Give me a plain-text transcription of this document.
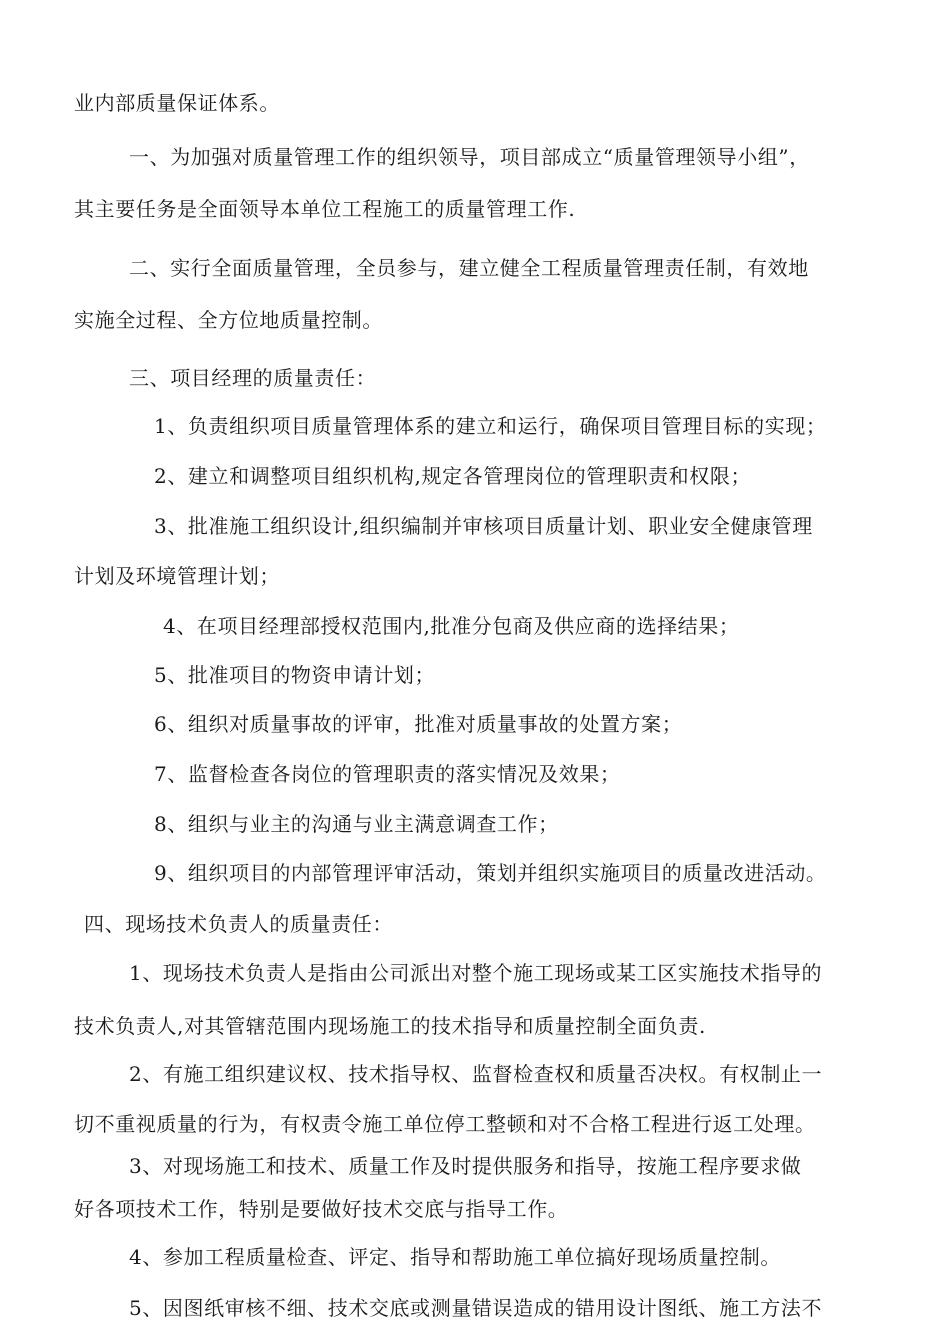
业内部质量保证体系。
一、为加强对质量管理工作的组织领导，项目部成立“质量管理领导小组”，
其主要任务是全面领导本单位工程施工的质量管理工作.
二、实行全面质量管理，全员参与，建立健全工程质量管理责任制，有效地
实施全过程、全方位地质量控制。
三、项目经理的质量责任：
1、负责组织项目质量管理体系的建立和运行，确保项目管理目标的实现；
2、建立和调整项目组织机构,规定各管理岗位的管理职责和权限；
3、批准施工组织设计,组织编制并审核项目质量计划、职业安全健康管理
计划及环境管理计划；
4、在项目经理部授权范围内,批准分包商及供应商的选择结果；
5、批准项目的物资申请计划；
6、组织对质量事故的评审，批准对质量事故的处置方案；
7、监督检查各岗位的管理职责的落实情况及效果；
8、组织与业主的沟通与业主满意调查工作；
9、组织项目的内部管理评审活动，策划并组织实施项目的质量改进活动。
四、现场技术负责人的质量责任：
1、现场技术负责人是指由公司派出对整个施工现场或某工区实施技术指导的
技术负责人,对其管辖范围内现场施工的技术指导和质量控制全面负责.
2、有施工组织建议权、技术指导权、监督检查权和质量否决权。有权制止一
切不重视质量的行为，有权责令施工单位停工整顿和对不合格工程进行返工处理。
3、对现场施工和技术、质量工作及时提供服务和指导，按施工程序要求做
好各项技术工作，特别是要做好技术交底与指导工作。
4、参加工程质量检查、评定、指导和帮助施工单位搞好现场质量控制。
5、因图纸审核不细、技术交底或测量错误造成的错用设计图纸、施工方法不
